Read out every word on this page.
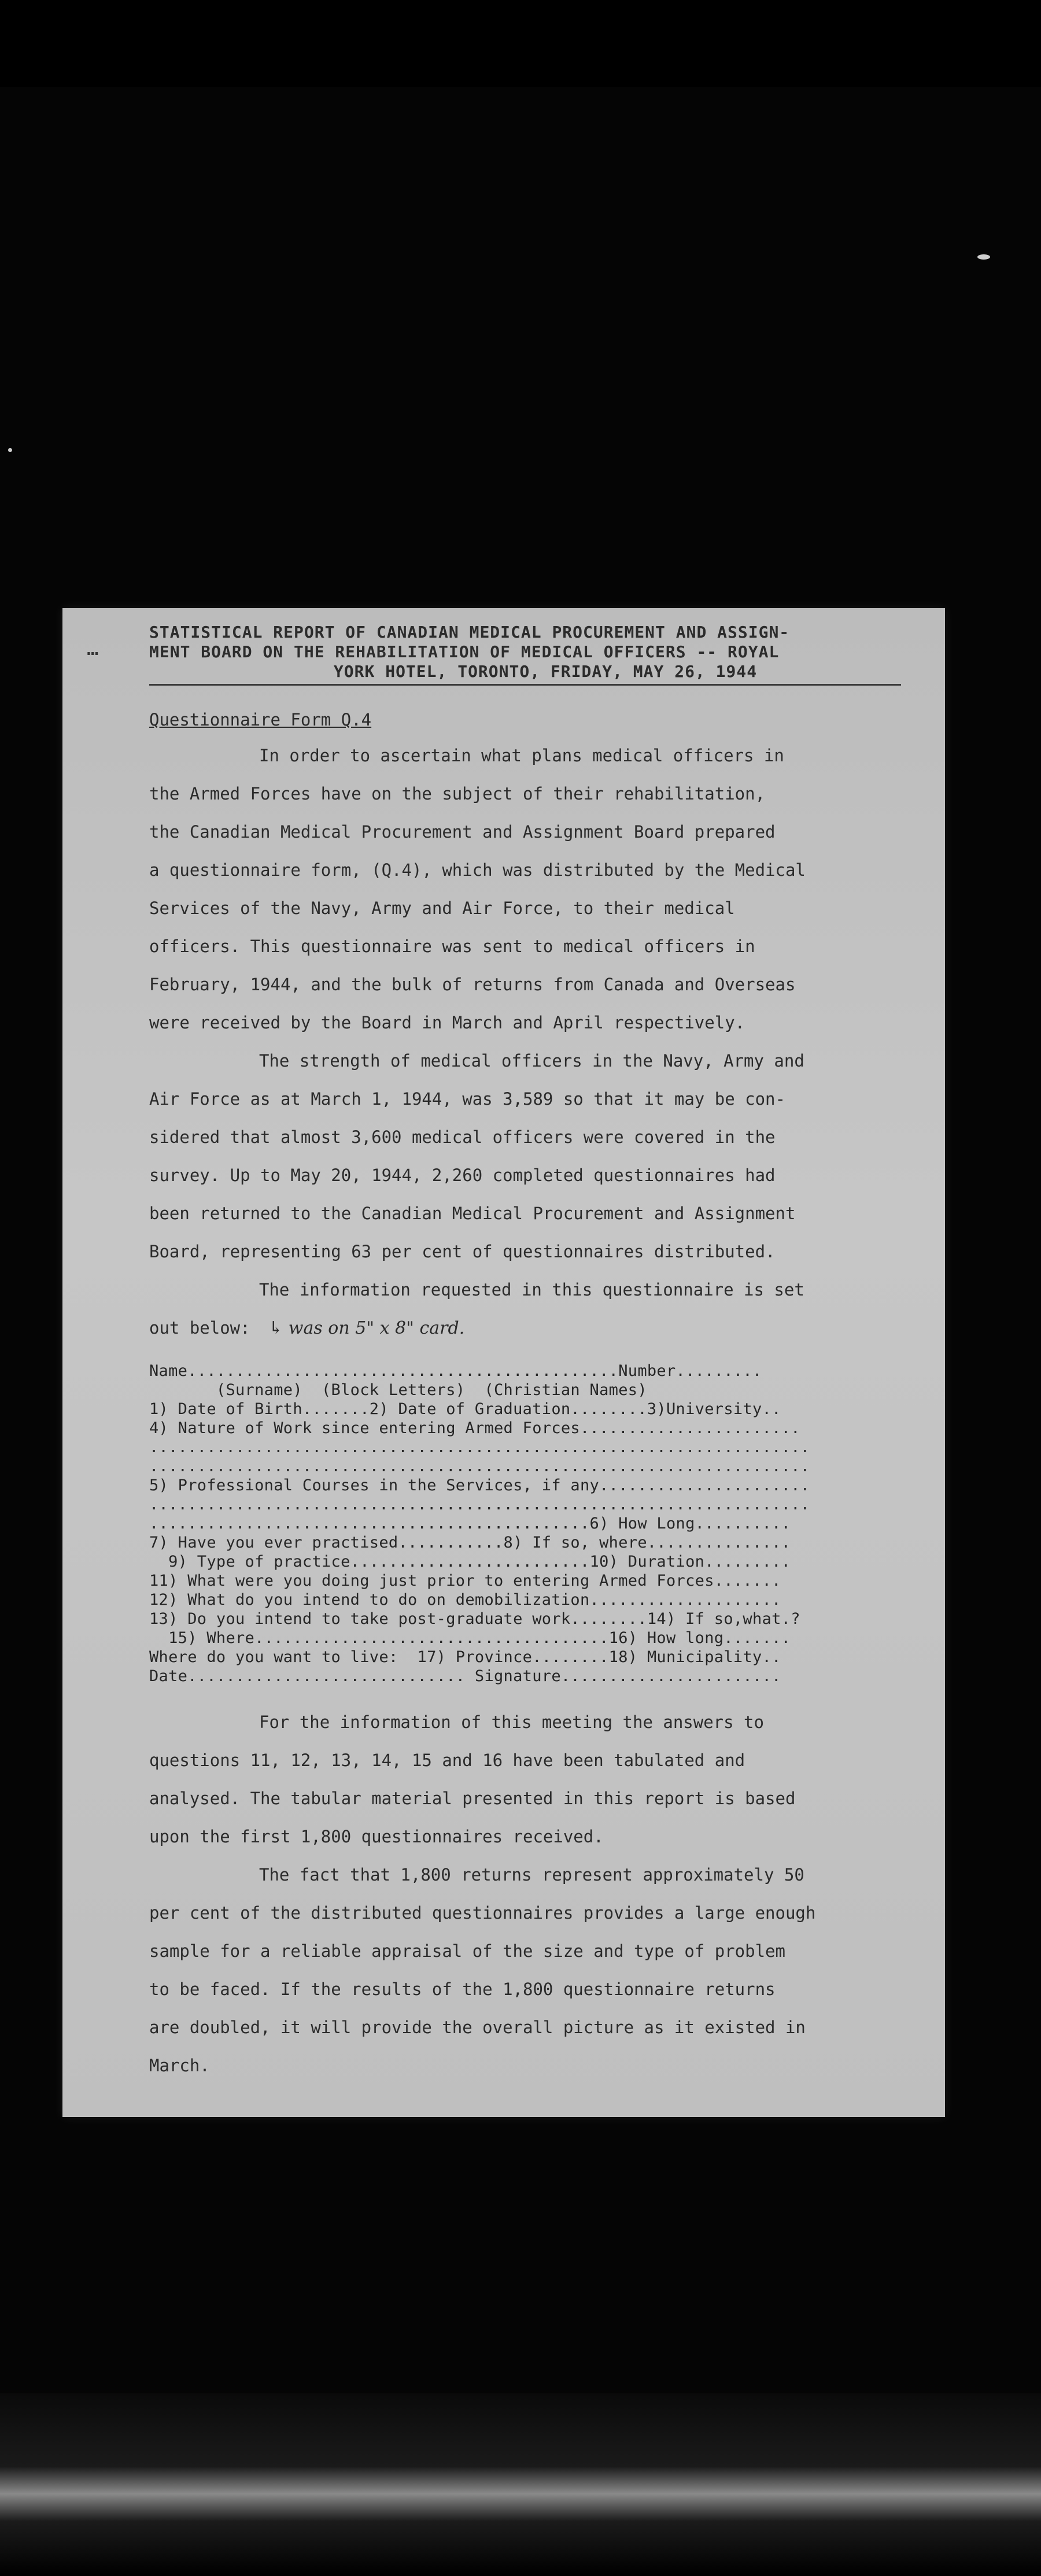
…
STATISTICAL REPORT OF CANADIAN MEDICAL PROCUREMENT AND ASSIGN-
MENT BOARD ON THE REHABILITATION OF MEDICAL OFFICERS -- ROYAL
YORK HOTEL, TORONTO, FRIDAY, MAY 26, 1944
Questionnaire Form Q.4

In order to ascertain what plans medical officers in

the Armed Forces have on the subject of their rehabilitation,

the Canadian Medical Procurement and Assignment Board prepared

a questionnaire form, (Q.4), which was distributed by the Medical

Services of the Navy, Army and Air Force, to their medical

officers. This questionnaire was sent to medical officers in

February, 1944, and the bulk of returns from Canada and Overseas

were received by the Board in March and April respectively.

The strength of medical officers in the Navy, Army and

Air Force as at March 1, 1944, was 3,589 so that it may be con-

sidered that almost 3,600 medical officers were covered in the

survey. Up to May 20, 1944, 2,260 completed questionnaires had

been returned to the Canadian Medical Procurement and Assignment

Board, representing 63 per cent of questionnaires distributed.

The information requested in this questionnaire is set

out below: ↳ was on 5" x 8" card.

Name.............................................Number.........
(Surname)  (Block Letters)  (Christian Names)
1) Date of Birth.......2) Date of Graduation........3)University..
4) Nature of Work since entering Armed Forces.......................
.....................................................................
.....................................................................
5) Professional Courses in the Services, if any......................
.....................................................................
..............................................6) How Long..........
7) Have you ever practised...........8) If so, where...............
9) Type of practice.........................10) Duration.........
11) What were you doing just prior to entering Armed Forces.......
12) What do you intend to do on demobilization....................
13) Do you intend to take post-graduate work........14) If so,what.?
15) Where.....................................16) How long.......
Where do you want to live:  17) Province........18) Municipality..
Date............................. Signature.......................

For the information of this meeting the answers to

questions 11, 12, 13, 14, 15 and 16 have been tabulated and

analysed. The tabular material presented in this report is based

upon the first 1,800 questionnaires received.

The fact that 1,800 returns represent approximately 50

per cent of the distributed questionnaires provides a large enough

sample for a reliable appraisal of the size and type of problem

to be faced. If the results of the 1,800 questionnaire returns

are doubled, it will provide the overall picture as it existed in

March.
